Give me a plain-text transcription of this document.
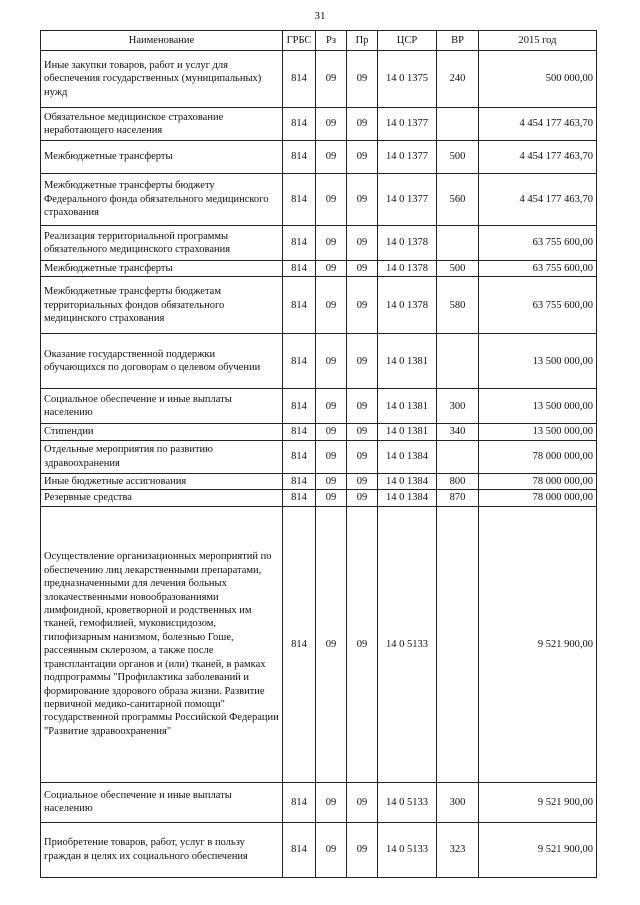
31
Наименование	ГРБС	Рз	Пр	ЦСР	ВР	2015 год
Иные закупки товаров, работ и услуг для обеспечения государственных (муниципальных) нужд	814	09	09	14 0 1375	240	500 000,00
Обязательное медицинское страхование неработающего населения	814	09	09	14 0 1377		4 454 177 463,70
Межбюджетные трансферты	814	09	09	14 0 1377	500	4 454 177 463,70
Межбюджетные трансферты бюджету Федерального фонда обязательного медицинского страхования	814	09	09	14 0 1377	560	4 454 177 463,70
Реализация территориальной программы обязательного медицинского страхования	814	09	09	14 0 1378		63 755 600,00
Межбюджетные трансферты	814	09	09	14 0 1378	500	63 755 600,00
Межбюджетные трансферты бюджетам территориальных фондов обязательного медицинского страхования	814	09	09	14 0 1378	580	63 755 600,00
Оказание государственной поддержки обучающихся по договорам о целевом обучении	814	09	09	14 0 1381		13 500 000,00
Социальное обеспечение и иные выплаты населению	814	09	09	14 0 1381	300	13 500 000,00
Стипендии	814	09	09	14 0 1381	340	13 500 000,00
Отдельные мероприятия по развитию здравоохранения	814	09	09	14 0 1384		78 000 000,00
Иные бюджетные ассигнования	814	09	09	14 0 1384	800	78 000 000,00
Резервные средства	814	09	09	14 0 1384	870	78 000 000,00
Осуществление организационных мероприятий по обеспечению лиц лекарственными препаратами, предназначенными для лечения больных злокачественными новообразованиями лимфоидной, кроветворной и родственных им тканей, гемофилией, муковисцидозом, гипофизарным нанизмом, болезнью Гоше, рассеянным склерозом, а также после трансплантации органов и (или) тканей, в рамках подпрограммы "Профилактика заболеваний и формирование здорового образа жизни. Развитие первичной медико-санитарной помощи" государственной программы Российской Федерации "Развитие здравоохранения"	814	09	09	14 0 5133		9 521 900,00
Социальное обеспечение и иные выплаты населению	814	09	09	14 0 5133	300	9 521 900,00
Приобретение товаров, работ, услуг в пользу граждан в целях их социального обеспечения	814	09	09	14 0 5133	323	9 521 900,00
